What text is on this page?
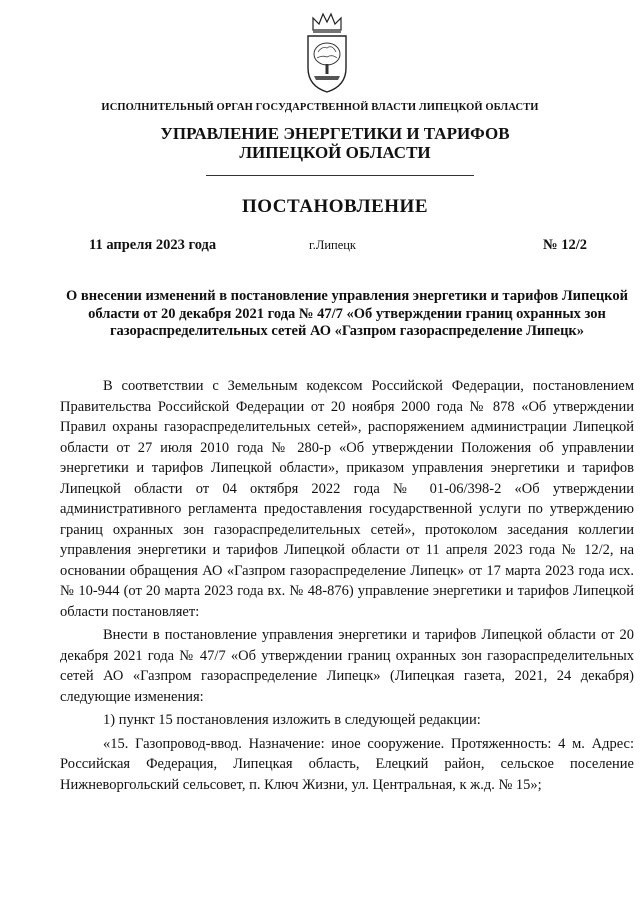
ИСПОЛНИТЕЛЬНЫЙ ОРГАН ГОСУДАРСТВЕННОЙ ВЛАСТИ ЛИПЕЦКОЙ ОБЛАСТИ
УПРАВЛЕНИЕ ЭНЕРГЕТИКИ И ТАРИФОВ
ЛИПЕЦКОЙ ОБЛАСТИ
ПОСТАНОВЛЕНИЕ
11 апреля 2023 года	г.Липецк	№ 12/2
О внесении изменений в постановление управления энергетики и тарифов Липецкой области от 20 декабря 2021 года № 47/7 «Об утверждении границ охранных зон газораспределительных сетей АО «Газпром газораспределение Липецк»

В соответствии с Земельным кодексом Российской Федерации, постановлением Правительства Российской Федерации от 20 ноября 2000 года № 878 «Об утверждении Правил охраны газораспределительных сетей», распоряжением администрации Липецкой области от 27 июля 2010 года № 280-р «Об утверждении Положения об управлении энергетики и тарифов Липецкой области», приказом управления энергетики и тарифов Липецкой области от 04 октября 2022 года № 01-06/398-2 «Об утверждении административного регламента предоставления государственной услуги по утверждению границ охранных зон газораспределительных сетей», протоколом заседания коллегии управления энергетики и тарифов Липецкой области от 11 апреля 2023 года № 12/2, на основании обращения АО «Газпром газораспределение Липецк» от 17 марта 2023 года исх. № 10-944 (от 20 марта 2023 года вх. № 48-876) управление энергетики и тарифов Липецкой области постановляет:

Внести в постановление управления энергетики и тарифов Липецкой области от 20 декабря 2021 года № 47/7 «Об утверждении границ охранных зон газораспределительных сетей АО «Газпром газораспределение Липецк» (Липецкая газета, 2021, 24 декабря) следующие изменения:

1) пункт 15 постановления изложить в следующей редакции:

«15. Газопровод-ввод. Назначение: иное сооружение. Протяженность: 4 м. Адрес: Российская Федерация, Липецкая область, Елецкий район, сельское поселение Нижневоргольский сельсовет, п. Ключ Жизни, ул. Центральная, к ж.д. № 15»;
